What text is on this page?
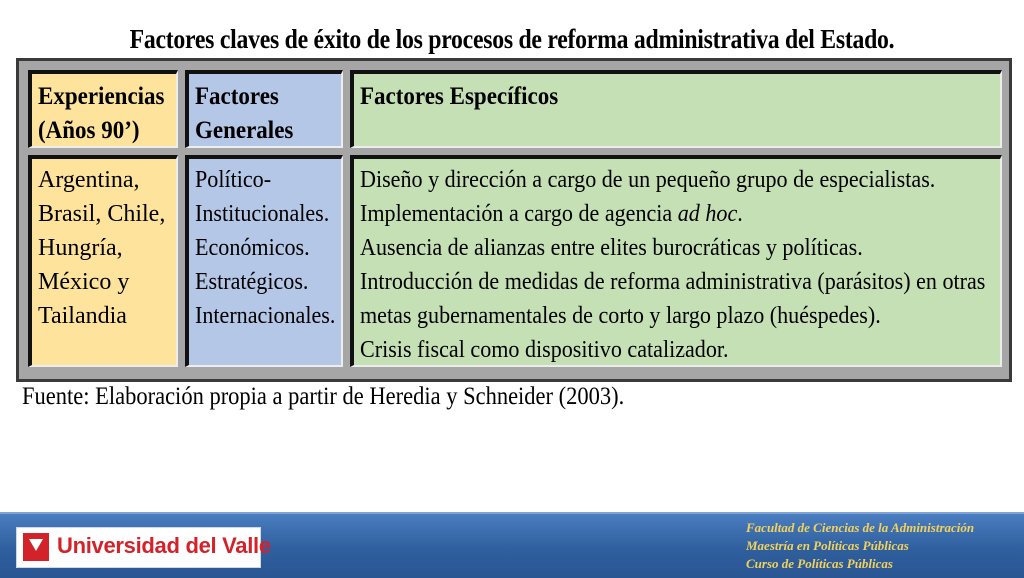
Factores claves de éxito de los procesos de reforma administrativa del Estado.
Experiencias
(Años 90’)
Factores
Generales
Factores Específicos
Argentina,
Brasil, Chile,
Hungría,
México y
Tailandia
Político-
Institucionales.
Económicos.
Estratégicos.
Internacionales.
Diseño y dirección a cargo de un pequeño grupo de especialistas.
Implementación a cargo de agencia ad hoc.
Ausencia de alianzas entre elites burocráticas y políticas.
Introducción de medidas de reforma administrativa (parásitos) en otras
metas gubernamentales de corto y largo plazo (huéspedes).
Crisis fiscal como dispositivo catalizador.
Fuente: Elaboración propia a partir de Heredia y Schneider (2003).
Universidad del Valle
Facultad de Ciencias de la Administración
Maestría en Políticas Públicas
Curso de Políticas Públicas
